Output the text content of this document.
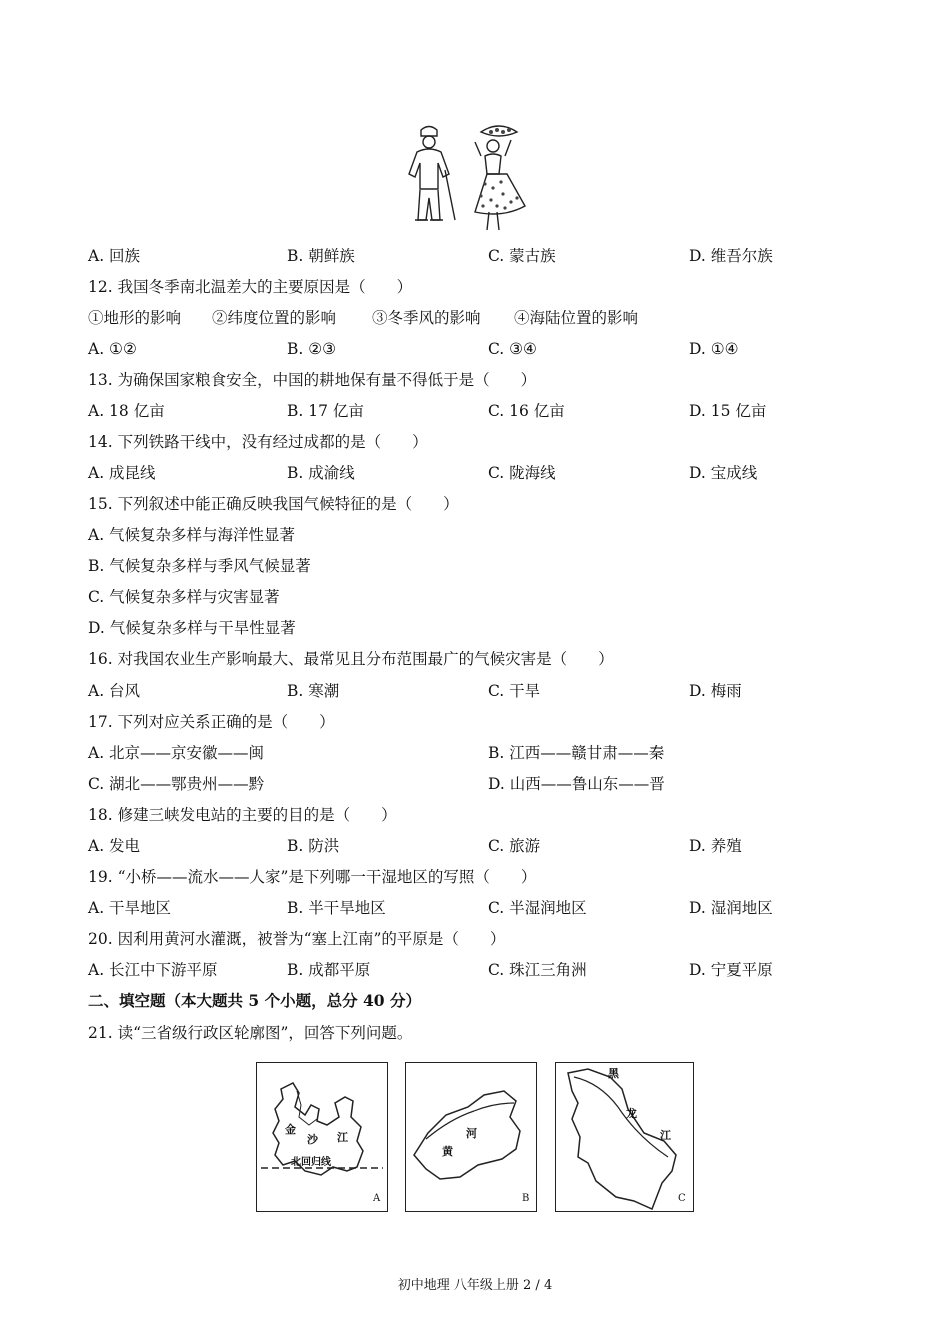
A. 回族	B. 朝鲜族	C. 蒙古族	D. 维吾尔族
12. 我国冬季南北温差大的主要原因是（　　）
①地形的影响 ②纬度位置的影响 ③冬季风的影响 ④海陆位置的影响
A. ①②	B. ②③	C. ③④	D. ①④
13. 为确保国家粮食安全，中国的耕地保有量不得低于是（　　）
A. 18 亿亩	B. 17 亿亩	C. 16 亿亩	D. 15 亿亩
14. 下列铁路干线中，没有经过成都的是（　　）
A. 成昆线	B. 成渝线	C. 陇海线	D. 宝成线
15. 下列叙述中能正确反映我国气候特征的是（　　）
A. 气候复杂多样与海洋性显著
B. 气候复杂多样与季风气候显著
C. 气候复杂多样与灾害显著
D. 气候复杂多样与干旱性显著
16. 对我国农业生产影响最大、最常见且分布范围最广的气候灾害是（　　）
A. 台风	B. 寒潮	C. 干旱	D. 梅雨
17. 下列对应关系正确的是（　　）
A. 北京——京安徽——闽	B. 江西——赣甘肃——秦
C. 湖北——鄂贵州——黔	D. 山西——鲁山东——晋
18. 修建三峡发电站的主要的目的是（　　）
A. 发电	B. 防洪	C. 旅游	D. 养殖
19. “小桥——流水——人家”是下列哪一干湿地区的写照（　　）
A. 干旱地区	B. 半干旱地区	C. 半湿润地区	D. 湿润地区
20. 因利用黄河水灌溉，被誉为“塞上江南”的平原是（　　）
A. 长江中下游平原	B. 成都平原	C. 珠江三角洲	D. 宁夏平原
二、填空题（本大题共 5 个小题，总分 40 分）
21. 读“三省级行政区轮廓图”，回答下列问题。
金
沙 江
北回归线
A
河
黄
B
黑
龙
江
C
初中地理 八年级上册 2 / 4
